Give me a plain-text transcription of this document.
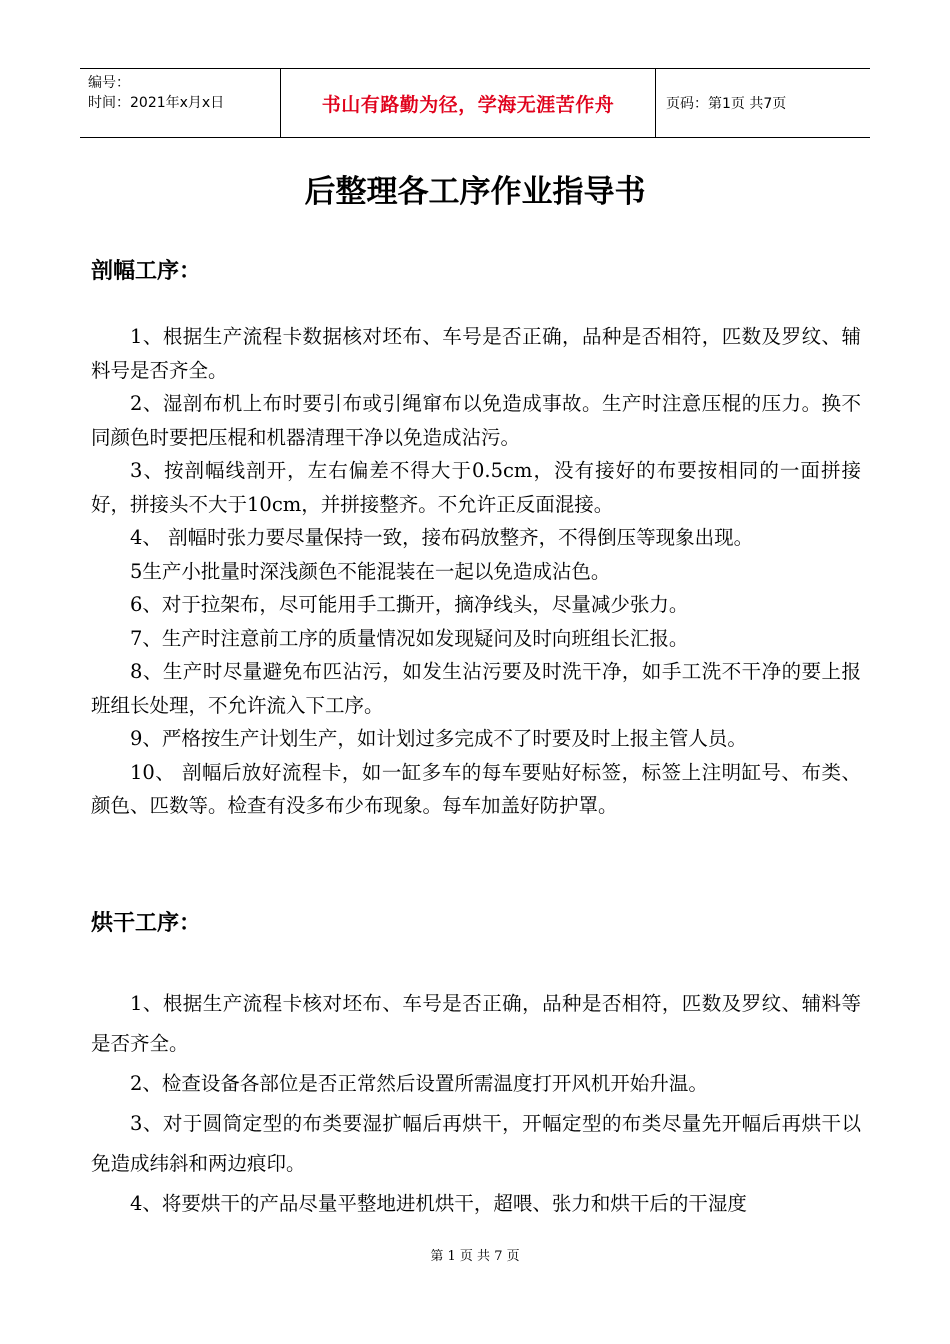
编号：
时间：2021年x月x日	书山有路勤为径，学海无涯苦作舟	页码：第1页 共7页
后整理各工序作业指导书
剖幅工序：

1、根据生产流程卡数据核对坯布、车号是否正确，品种是否相符，匹数及罗纹、辅料号是否齐全。

2、湿剖布机上布时要引布或引绳窜布以免造成事故。生产时注意压棍的压力。换不同颜色时要把压棍和机器清理干净以免造成沾污。

3、按剖幅线剖开，左右偏差不得大于0.5cm，没有接好的布要按相同的一面拼接好，拼接头不大于10cm，并拼接整齐。不允许正反面混接。

4、 剖幅时张力要尽量保持一致，接布码放整齐，不得倒压等现象出现。

5生产小批量时深浅颜色不能混装在一起以免造成沾色。

6、对于拉架布，尽可能用手工撕开，摘净线头，尽量减少张力。

7、生产时注意前工序的质量情况如发现疑问及时向班组长汇报。

8、生产时尽量避免布匹沾污，如发生沾污要及时洗干净，如手工洗不干净的要上报班组长处理，不允许流入下工序。

9、严格按生产计划生产，如计划过多完成不了时要及时上报主管人员。

10、 剖幅后放好流程卡，如一缸多车的每车要贴好标签，标签上注明缸号、布类、颜色、匹数等。检查有没多布少布现象。每车加盖好防护罩。

烘干工序：

1、根据生产流程卡核对坯布、车号是否正确，品种是否相符，匹数及罗纹、辅料等是否齐全。

2、检查设备各部位是否正常然后设置所需温度打开风机开始升温。

3、对于圆筒定型的布类要湿扩幅后再烘干，开幅定型的布类尽量先开幅后再烘干以免造成纬斜和两边痕印。

4、将要烘干的产品尽量平整地进机烘干，超喂、张力和烘干后的干湿度

第 1 页 共 7 页
